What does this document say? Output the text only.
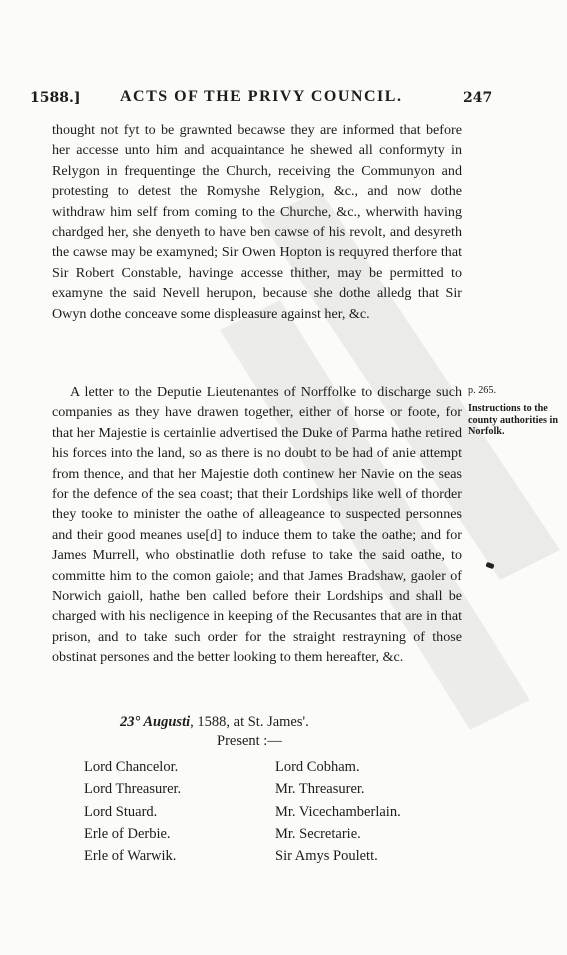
1588.] ACTS OF THE PRIVY COUNCIL.	247
thought not fyt to be grawnted becawse they are informed that before her accesse unto him and acquaintance he shewed all conformyty in Relygon in frequentinge the Church, receiving the Communyon and protesting to detest the Romyshe Relygion, &c., and now dothe withdraw him self from coming to the Churche, &c., wherwith having chardged her, she denyeth to have ben cawse of his revolt, and desyreth the cawse may be examyned; Sir Owen Hopton is requyred therfore that Sir Robert Constable, havinge accesse thither, may be permitted to examyne the said Nevell herupon, because she dothe alledg that Sir Owyn dothe conceave some displeasure against her, &c.
A letter to the Deputie Lieutenantes of Norffolke to discharge such companies as they have drawen together, either of horse or foote, for that her Majestie is certainlie advertised the Duke of Parma hathe retired his forces into the land, so as there is no doubt to be had of anie attempt from thence, and that her Majestie doth continew her Navie on the seas for the defence of the sea coast; that their Lordships like well of thorder they tooke to minister the oathe of alleageance to suspected personnes and their good meanes use[d] to induce them to take the oathe; and for James Murrell, who obstinatlie doth refuse to take the said oathe, to committe him to the comon gaiole; and that James Bradshaw, gaoler of Norwich gaioll, hathe ben called before their Lordships and shall be charged with his necligence in keeping of the Recusantes that are in that prison, and to take such order for the straight restrayning of those obstinat persones and the better looking to them hereafter, &c.
p. 265.
Instructions to the county authorities in Norfolk.
23° Augusti, 1588, at St. James'.
Present :—
Lord Chancelor.
Lord Threasurer.
Lord Stuard.
Erle of Derbie.
Erle of Warwik.
Lord Cobham.
Mr. Threasurer.
Mr. Vicechamberlain.
Mr. Secretarie.
Sir Amys Poulett.
